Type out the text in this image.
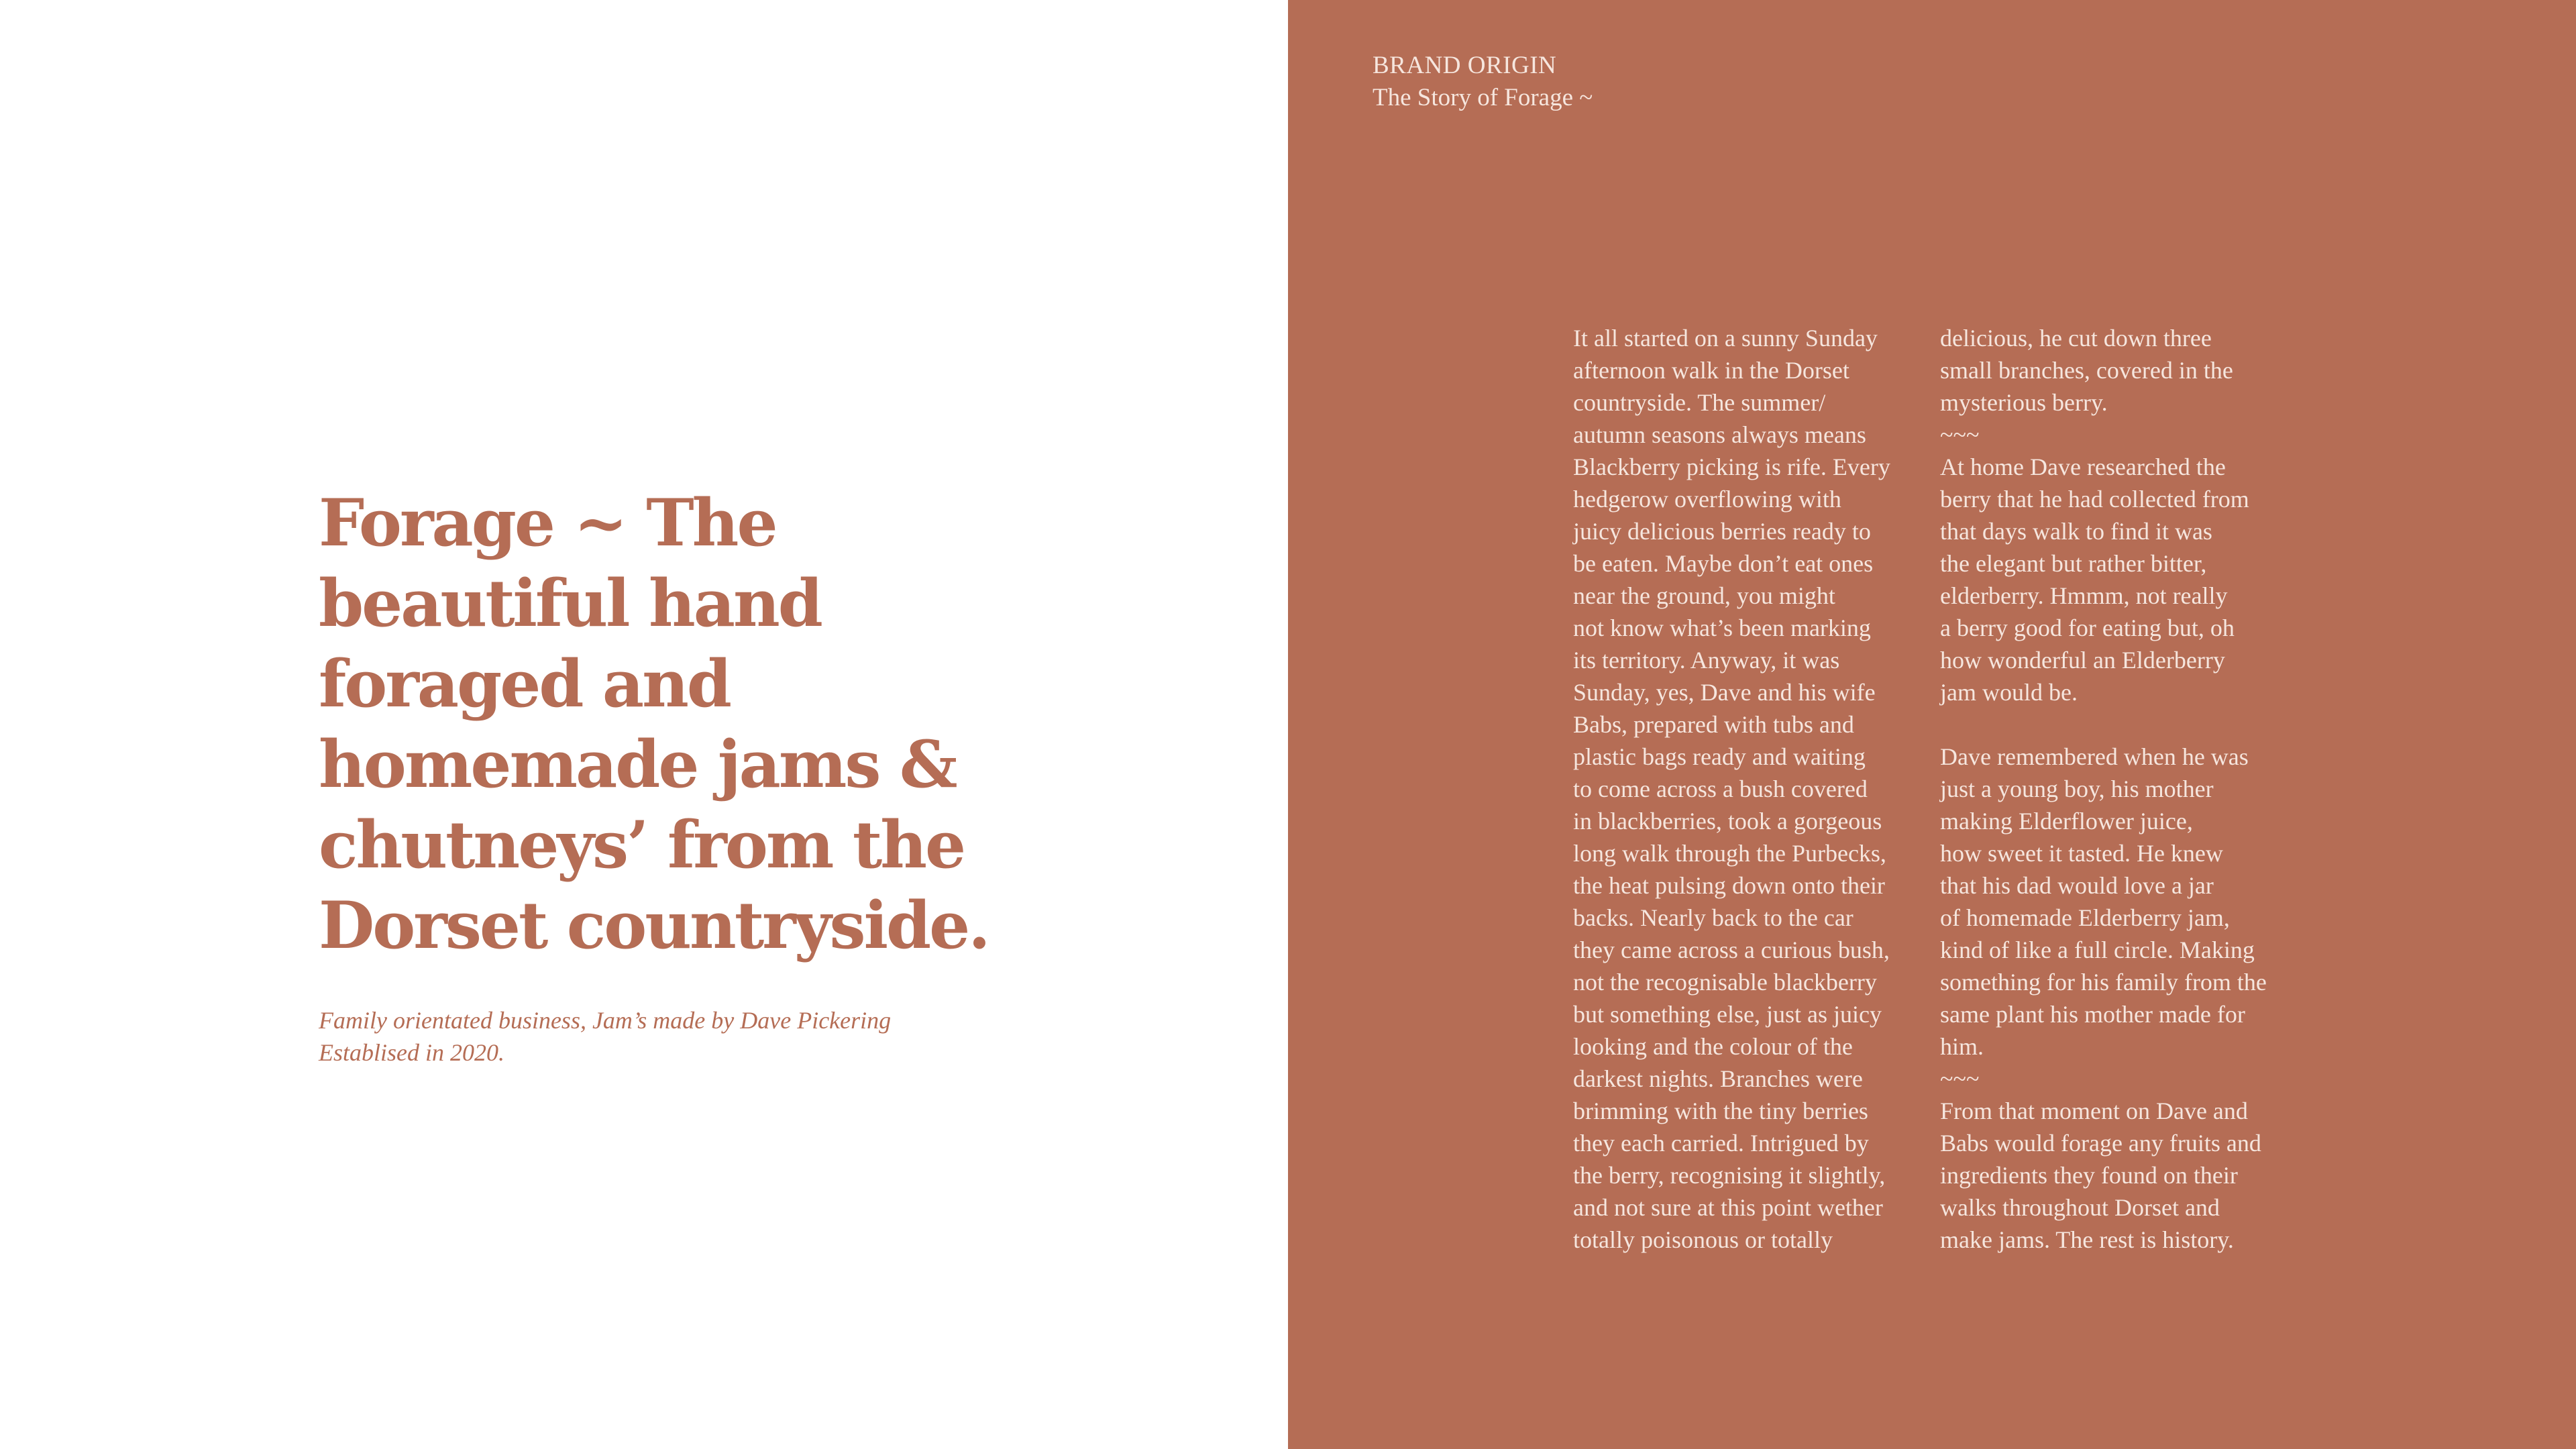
Forage ~ The
beautiful hand
foraged and
homemade jams &
chutneys’ from the
Dorset countryside.

Family orientated business, Jam’s made by Dave Pickering
Establised in 2020.

BRAND ORIGIN
The Story of Forage ~
It all started on a sunny Sunday
afternoon walk in the Dorset
countryside. The summer/
autumn seasons always means
Blackberry picking is rife. Every
hedgerow overflowing with
juicy delicious berries ready to
be eaten. Maybe don’t eat ones
near the ground, you might
not know what’s been marking
its territory. Anyway, it was
Sunday, yes, Dave and his wife
Babs, prepared with tubs and
plastic bags ready and waiting
to come across a bush covered
in blackberries, took a gorgeous
long walk through the Purbecks,
the heat pulsing down onto their
backs. Nearly back to the car
they came across a curious bush,
not the recognisable blackberry
but something else, just as juicy
looking and the colour of the
darkest nights. Branches were
brimming with the tiny berries
they each carried. Intrigued by
the berry, recognising it slightly,
and not sure at this point wether
totally poisonous or totally
delicious, he cut down three
small branches, covered in the
mysterious berry.
~~~
At home Dave researched the
berry that he had collected from
that days walk to find it was
the elegant but rather bitter,
elderberry. Hmmm, not really
a berry good for eating but, oh
how wonderful an Elderberry
jam would be.
Dave remembered when he was
just a young boy, his mother
making Elderflower juice,
how sweet it tasted. He knew
that his dad would love a jar
of homemade Elderberry jam,
kind of like a full circle. Making
something for his family from the
same plant his mother made for
him.
~~~
From that moment on Dave and
Babs would forage any fruits and
ingredients they found on their
walks throughout Dorset and
make jams. The rest is history.
